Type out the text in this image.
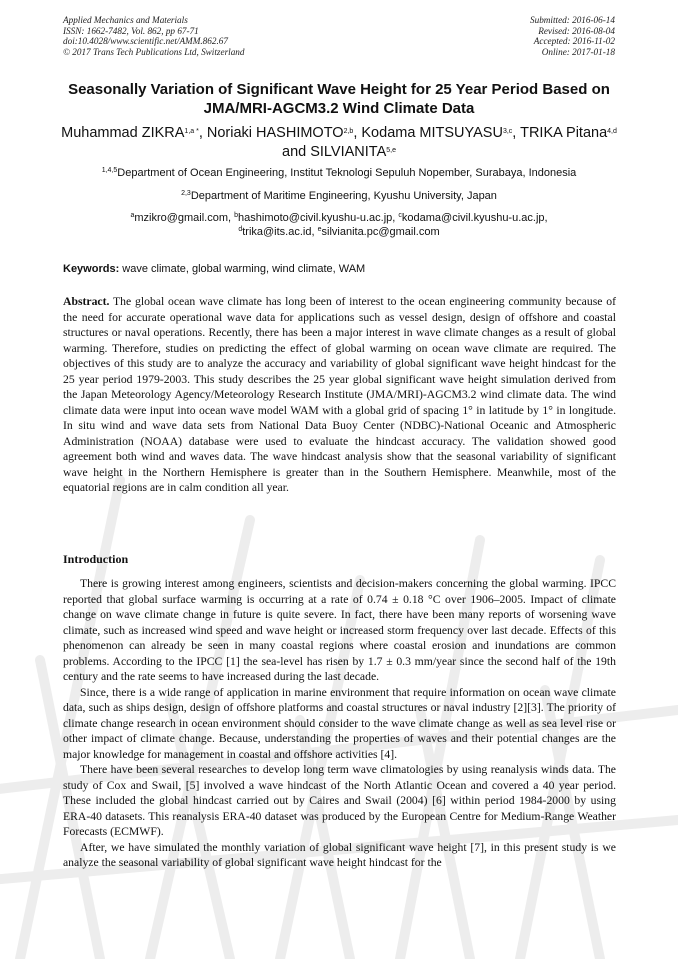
Applied Mechanics and Materials
ISSN: 1662-7482, Vol. 862, pp 67-71
doi:10.4028/www.scientific.net/AMM.862.67
© 2017 Trans Tech Publications Ltd, Switzerland
Submitted: 2016-06-14
Revised: 2016-08-04
Accepted: 2016-11-02
Online: 2017-01-18
Seasonally Variation of Significant Wave Height for 25 Year Period Based on JMA/MRI-AGCM3.2 Wind Climate Data
Muhammad $ZIKRA^{1,a *}$, Noriaki HASHIMOTO$^{2,b}$, Kodama MITSUYASU$^{3,c}$, TRIKA Pitana$^{4,d}$ and SILVIANITA$^{5,e}$
$^{1,4,5}$Department of Ocean Engineering, Institut Teknologi Sepuluh Nopember, Surabaya, Indonesia
$^{2,3}$Department of Maritime Engineering, Kyushu University, Japan
$^a$mzikro@gmail.com, $^b$hashimoto@civil.kyushu-u.ac.jp, $^c$kodama@civil.kyushu-u.ac.jp,
$^d$trika@its.ac.id, $^e$silvianita.pc@gmail.com
Keywords: wave climate, global warming, wind climate, WAM

Abstract. The global ocean wave climate has long been of interest to the ocean engineering community because of the need for accurate operational wave data for applications such as vessel design, design of offshore and coastal structures or naval operations. Recently, there has been a major interest in wave climate changes as a result of global warming. Therefore, studies on predicting the effect of global warming on ocean wave climate are required. The objectives of this study are to analyze the accuracy and variability of global significant wave height hindcast for the 25 year period 1979-2003. This study describes the 25 year global significant wave height simulation derived from the Japan Meteorology Agency/Meteorology Research Institute (JMA/MRI)-AGCM3.2 wind climate data. The wind climate data were input into ocean wave model WAM with a global grid of spacing 1° in latitude by 1° in longitude. In situ wind and wave data sets from National Data Buoy Center (NDBC)-National Oceanic and Atmospheric Administration (NOAA) database were used to evaluate the hindcast accuracy. The validation showed good agreement both wind and waves data. The wave hindcast analysis show that the seasonal variability of significant wave height in the Northern Hemisphere is greater than in the Southern Hemisphere. Meanwhile, most of the equatorial regions are in calm condition all year.

Introduction

There is growing interest among engineers, scientists and decision-makers concerning the global warming. IPCC reported that global surface warming is occurring at a rate of 0.74 ± 0.18 °C over 1906–2005. Impact of climate change on wave climate change in future is quite severe. In fact, there have been many reports of worsening wave climate, such as increased wind speed and wave height or increased storm frequency over last decade. Effects of this phenomenon can already be seen in many coastal regions where coastal erosion and inundations are common problems. According to the IPCC [1] the sea-level has risen by 1.7 ± 0.3 mm/year since the second half of the 19th century and the rate seems to have increased during the last decade.

Since, there is a wide range of application in marine environment that require information on ocean wave climate data, such as ships design, design of offshore platforms and coastal structures or naval industry [2][3]. The priority of climate change research in ocean environment should consider to the wave climate change as well as sea level rise or other impact of climate change. Because, understanding the properties of waves and their potential changes are the major knowledge for management in coastal and offshore activities [4].

There have been several researches to develop long term wave climatologies by using reanalysis winds data. The study of Cox and Swail, [5] involved a wave hindcast of the North Atlantic Ocean and covered a 40 year period. These included the global hindcast carried out by Caires and Swail (2004) [6] within period 1984-2000 by using ERA-40 datasets. This reanalysis ERA-40 dataset was produced by the European Centre for Medium-Range Weather Forecasts (ECMWF).

After, we have simulated the monthly variation of global significant wave height [7], in this present study is we analyze the seasonal variability of global significant wave height hindcast for the
